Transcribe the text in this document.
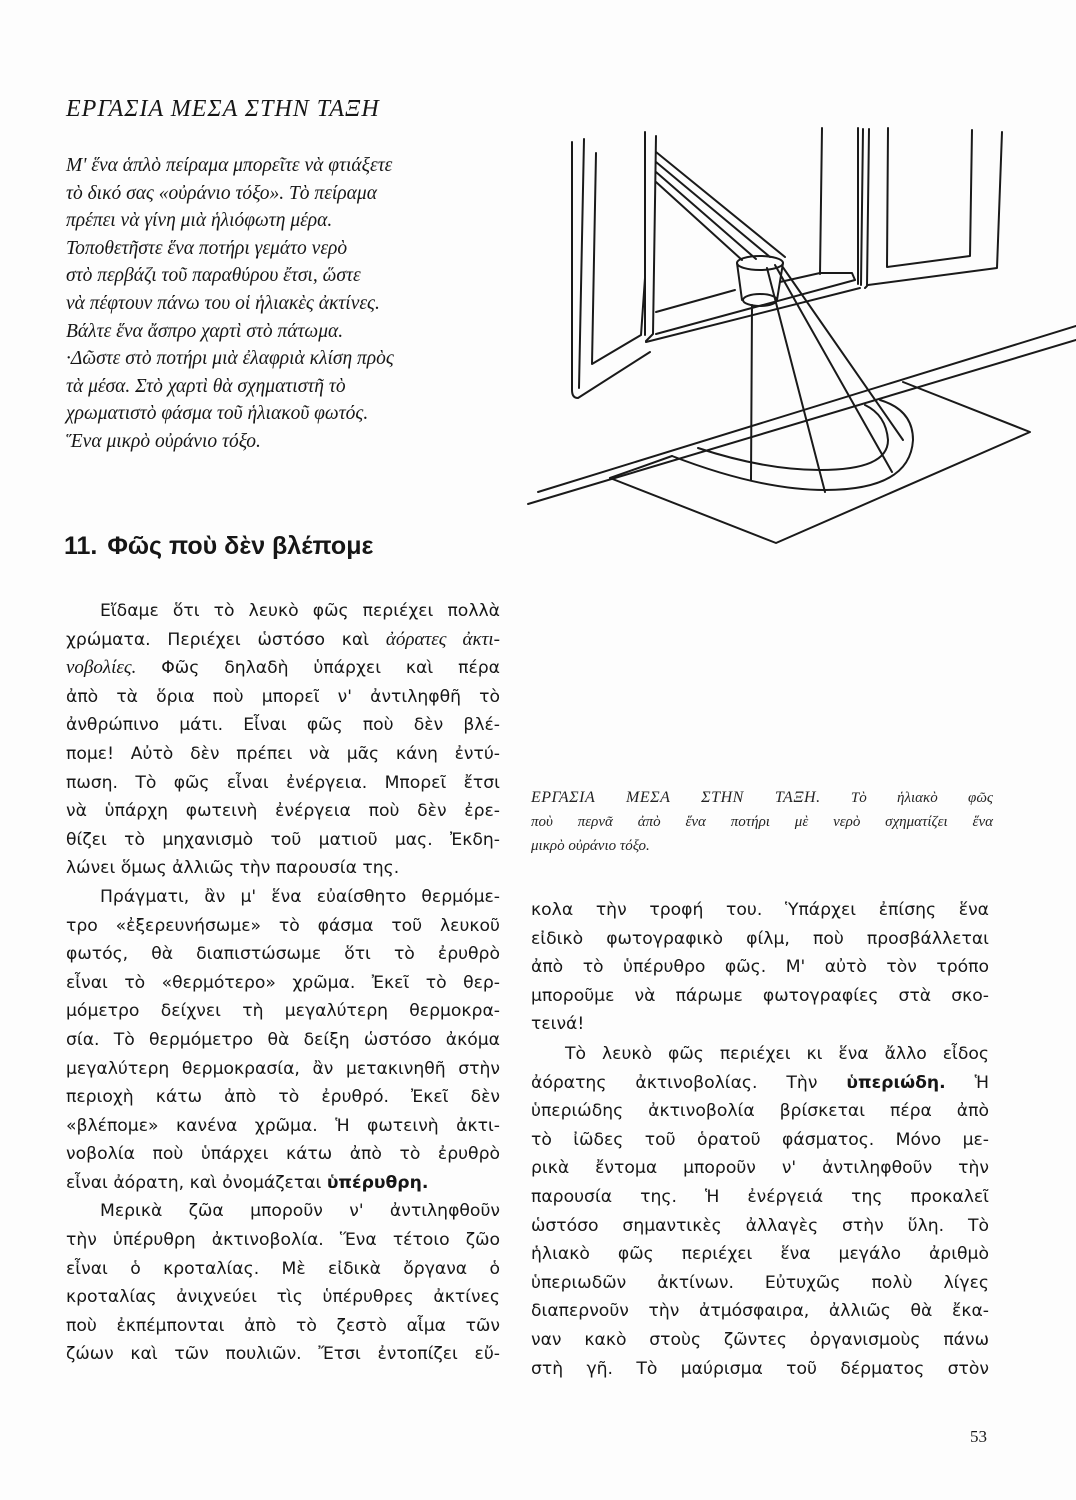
ΕΡΓΑΣΙΑ ΜΕΣΑ ΣΤΗΝ ΤΑΞΗ
Μ' ἕνα ἁπλὸ πείραμα μπορεῖτε νὰ φτιάξετε
τὸ δικό σας «οὐράνιο τόξο». Τὸ πείραμα
πρέπει νὰ γίνη μιὰ ἡλιόφωτη μέρα.
Τοποθετῆστε ἕνα ποτήρι γεμάτο νερὸ
στὸ περβάζι τοῦ παραθύρου ἔτσι, ὥστε
νὰ πέφτουν πάνω του οἱ ἡλιακὲς ἀκτίνες.
Βάλτε ἕνα ἄσπρο χαρτὶ στὸ πάτωμα.
·Δῶστε στὸ ποτήρι μιὰ ἐλαφριὰ κλίση πρὸς
τὰ μέσα. Στὸ χαρτὶ θὰ σχηματιστῆ τὸ
χρωματιστὸ φάσμα τοῦ ἡλιακοῦ φωτός.
Ἕνα μικρὸ οὐράνιο τόξο.
11. Φῶς ποὺ δὲν βλέπομε
Εἴδαμε ὅτι τὸ λευκὸ φῶς περιέχει πολλὰ
χρώματα. Περιέχει ὡστόσο καὶ ἀόρατες ἀκτι-
νοβολίες. Φῶς δηλαδὴ ὑπάρχει καὶ πέρα
ἀπὸ τὰ ὅρια ποὺ μπορεῖ ν' ἀντιληφθῆ τὸ
ἀνθρώπινο μάτι. Εἶναι φῶς ποὺ δὲν βλέ-
πομε! Αὐτὸ δὲν πρέπει νὰ μᾶς κάνη ἐντύ-
πωση. Τὸ φῶς εἶναι ἐνέργεια. Μπορεῖ ἔτσι
νὰ ὑπάρχη φωτεινὴ ἐνέργεια ποὺ δὲν ἐρε-
θίζει τὸ μηχανισμὸ τοῦ ματιοῦ μας. Ἐκδη-
λώνει ὅμως ἀλλιῶς τὴν παρουσία της.
Πράγματι, ἂν μ' ἕνα εὐαίσθητο θερμόμε-
τρο «ἐξερευνήσωμε» τὸ φάσμα τοῦ λευκοῦ
φωτός, θὰ διαπιστώσωμε ὅτι τὸ ἐρυθρὸ
εἶναι τὸ «θερμότερο» χρῶμα. Ἐκεῖ τὸ θερ-
μόμετρο δείχνει τὴ μεγαλύτερη θερμοκρα-
σία. Τὸ θερμόμετρο θὰ δείξη ὡστόσο ἀκόμα
μεγαλύτερη θερμοκρασία, ἂν μετακινηθῆ στὴν
περιοχὴ κάτω ἀπὸ τὸ ἐρυθρό. Ἐκεῖ δὲν
«βλέπομε» κανένα χρῶμα. Ἡ φωτεινὴ ἀκτι-
νοβολία ποὺ ὑπάρχει κάτω ἀπὸ τὸ ἐρυθρὸ
εἶναι ἀόρατη, καὶ ὀνομάζεται ὑπέρυθρη.
Μερικὰ ζῶα μποροῦν ν' ἀντιληφθοῦν
τὴν ὑπέρυθρη ἀκτινοβολία. Ἕνα τέτοιο ζῶο
εἶναι ὁ κροταλίας. Μὲ εἰδικὰ ὄργανα ὁ
κροταλίας ἀνιχνεύει τὶς ὑπέρυθρες ἀκτίνες
ποὺ ἐκπέμπονται ἀπὸ τὸ ζεστὸ αἷμα τῶν
ζώων καὶ τῶν πουλιῶν. Ἔτσι ἐντοπίζει εὔ-
ΕΡΓΑΣΙΑ ΜΕΣΑ ΣΤΗΝ ΤΑΞΗ. Τὸ ἡλιακὸ φῶς
ποὺ περνᾶ ἀπὸ ἕνα ποτήρι μὲ νερὸ σχηματίζει ἕνα
μικρὸ οὐράνιο τόξο.
κολα τὴν τροφή του. Ὑπάρχει ἐπίσης ἕνα
εἰδικὸ φωτογραφικὸ φίλμ, ποὺ προσβάλλεται
ἀπὸ τὸ ὑπέρυθρο φῶς. Μ' αὐτὸ τὸν τρόπο
μποροῦμε νὰ πάρωμε φωτογραφίες στὰ σκο-
τεινά!
Τὸ λευκὸ φῶς περιέχει κι ἕνα ἄλλο εἶδος
ἀόρατης ἀκτινοβολίας. Τὴν ὑπεριώδη. Ἡ
ὑπεριώδης ἀκτινοβολία βρίσκεται πέρα ἀπὸ
τὸ ἰῶδες τοῦ ὁρατοῦ φάσματος. Μόνο με-
ρικὰ ἔντομα μποροῦν ν' ἀντιληφθοῦν τὴν
παρουσία της. Ἡ ἐνέργειά της προκαλεῖ
ὡστόσο σημαντικὲς ἀλλαγὲς στὴν ὕλη. Τὸ
ἡλιακὸ φῶς περιέχει ἕνα μεγάλο ἀριθμὸ
ὑπεριωδῶν ἀκτίνων. Εὐτυχῶς πολὺ λίγες
διαπερνοῦν τὴν ἀτμόσφαιρα, ἀλλιῶς θὰ ἔκα-
ναν κακὸ στοὺς ζῶντες ὀργανισμοὺς πάνω
στὴ γῆ. Τὸ μαύρισμα τοῦ δέρματος στὸν
53
